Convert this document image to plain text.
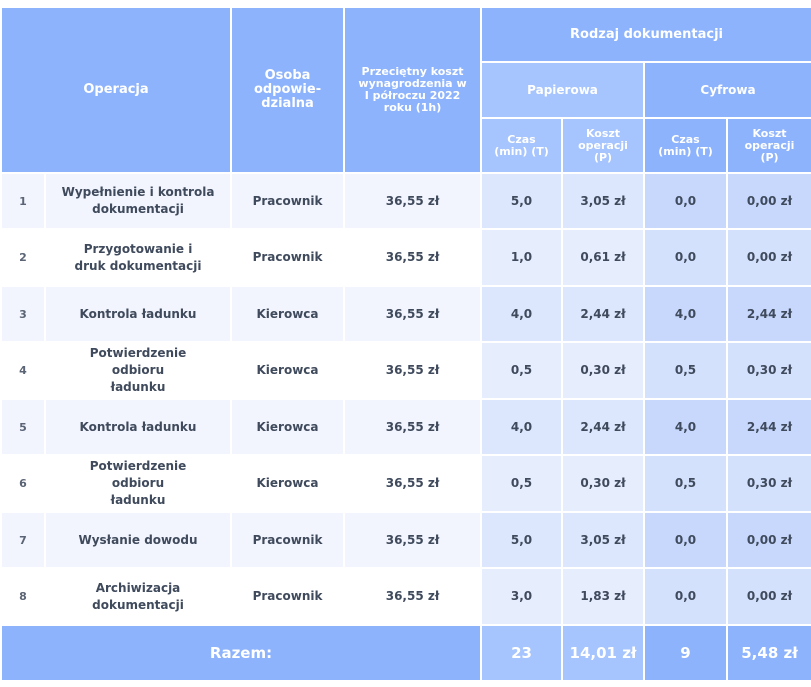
Operacja		Osoba odpowie-dzialna	Przeciętny koszt wynagrodzenia w I półroczu 2022 roku (1h)	Rodzaj dokumentacji			
				Papierowa		Cyfrowa	
				Czas (min) (T)	Koszt operacji (P)	Czas (min) (T)	Koszt operacji (P)
1	Wypełnienie i kontrola dokumentacji	Pracownik	36,55 zł	5,0	3,05 zł	0,0	0,00 zł
2	Przygotowanie i druk dokumentacji	Pracownik	36,55 zł	1,0	0,61 zł	0,0	0,00 zł
3	Kontrola ładunku	Kierowca	36,55 zł	4,0	2,44 zł	4,0	2,44 zł
4	Potwierdzenie odbioru ładunku	Kierowca	36,55 zł	0,5	0,30 zł	0,5	0,30 zł
5	Kontrola ładunku	Kierowca	36,55 zł	4,0	2,44 zł	4,0	2,44 zł
6	Potwierdzenie odbioru ładunku	Kierowca	36,55 zł	0,5	0,30 zł	0,5	0,30 zł
7	Wysłanie dowodu	Pracownik	36,55 zł	5,0	3,05 zł	0,0	0,00 zł
8	Archiwizacja dokumentacji	Pracownik	36,55 zł	3,0	1,83 zł	0,0	0,00 zł
Razem:				23	14,01 zł	9	5,48 zł
